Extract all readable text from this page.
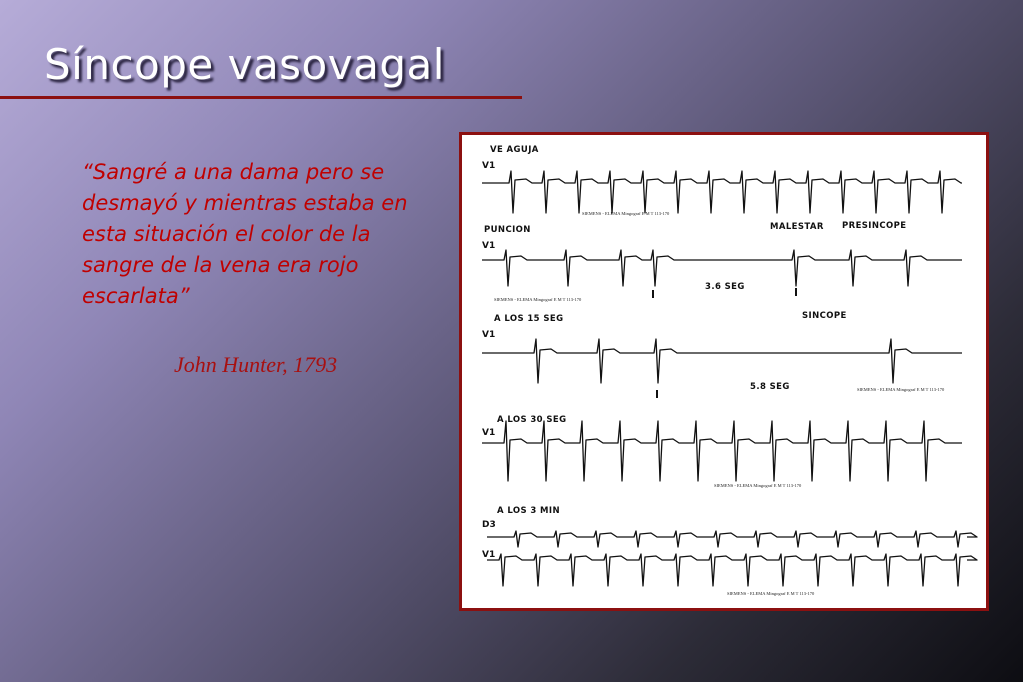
Síncope vasovagal
“Sangré a una dama pero se desmayó y mientras estaba en esta situación el color de la sangre de la vena era rojo escarlata”
John Hunter, 1793
VE AGUJA
V1
SIEMENS - ELEMA Mingograf E M T 113-170
PUNCION	MALESTAR PRESINCOPE
V1
3.6 SEG
SIEMENS - ELEMA Mingograf E M T 113-170
A LOS 15 SEG	SINCOPE
V1
5.8 SEG	SIEMENS - ELEMA Mingograf E M T 113-170
A LOS 30 SEG
V1
SIEMENS - ELEMA Mingograf E M T 113-170
A LOS 3 MIN
D3
V1
SIEMENS - ELEMA Mingograf E M T 113-170
